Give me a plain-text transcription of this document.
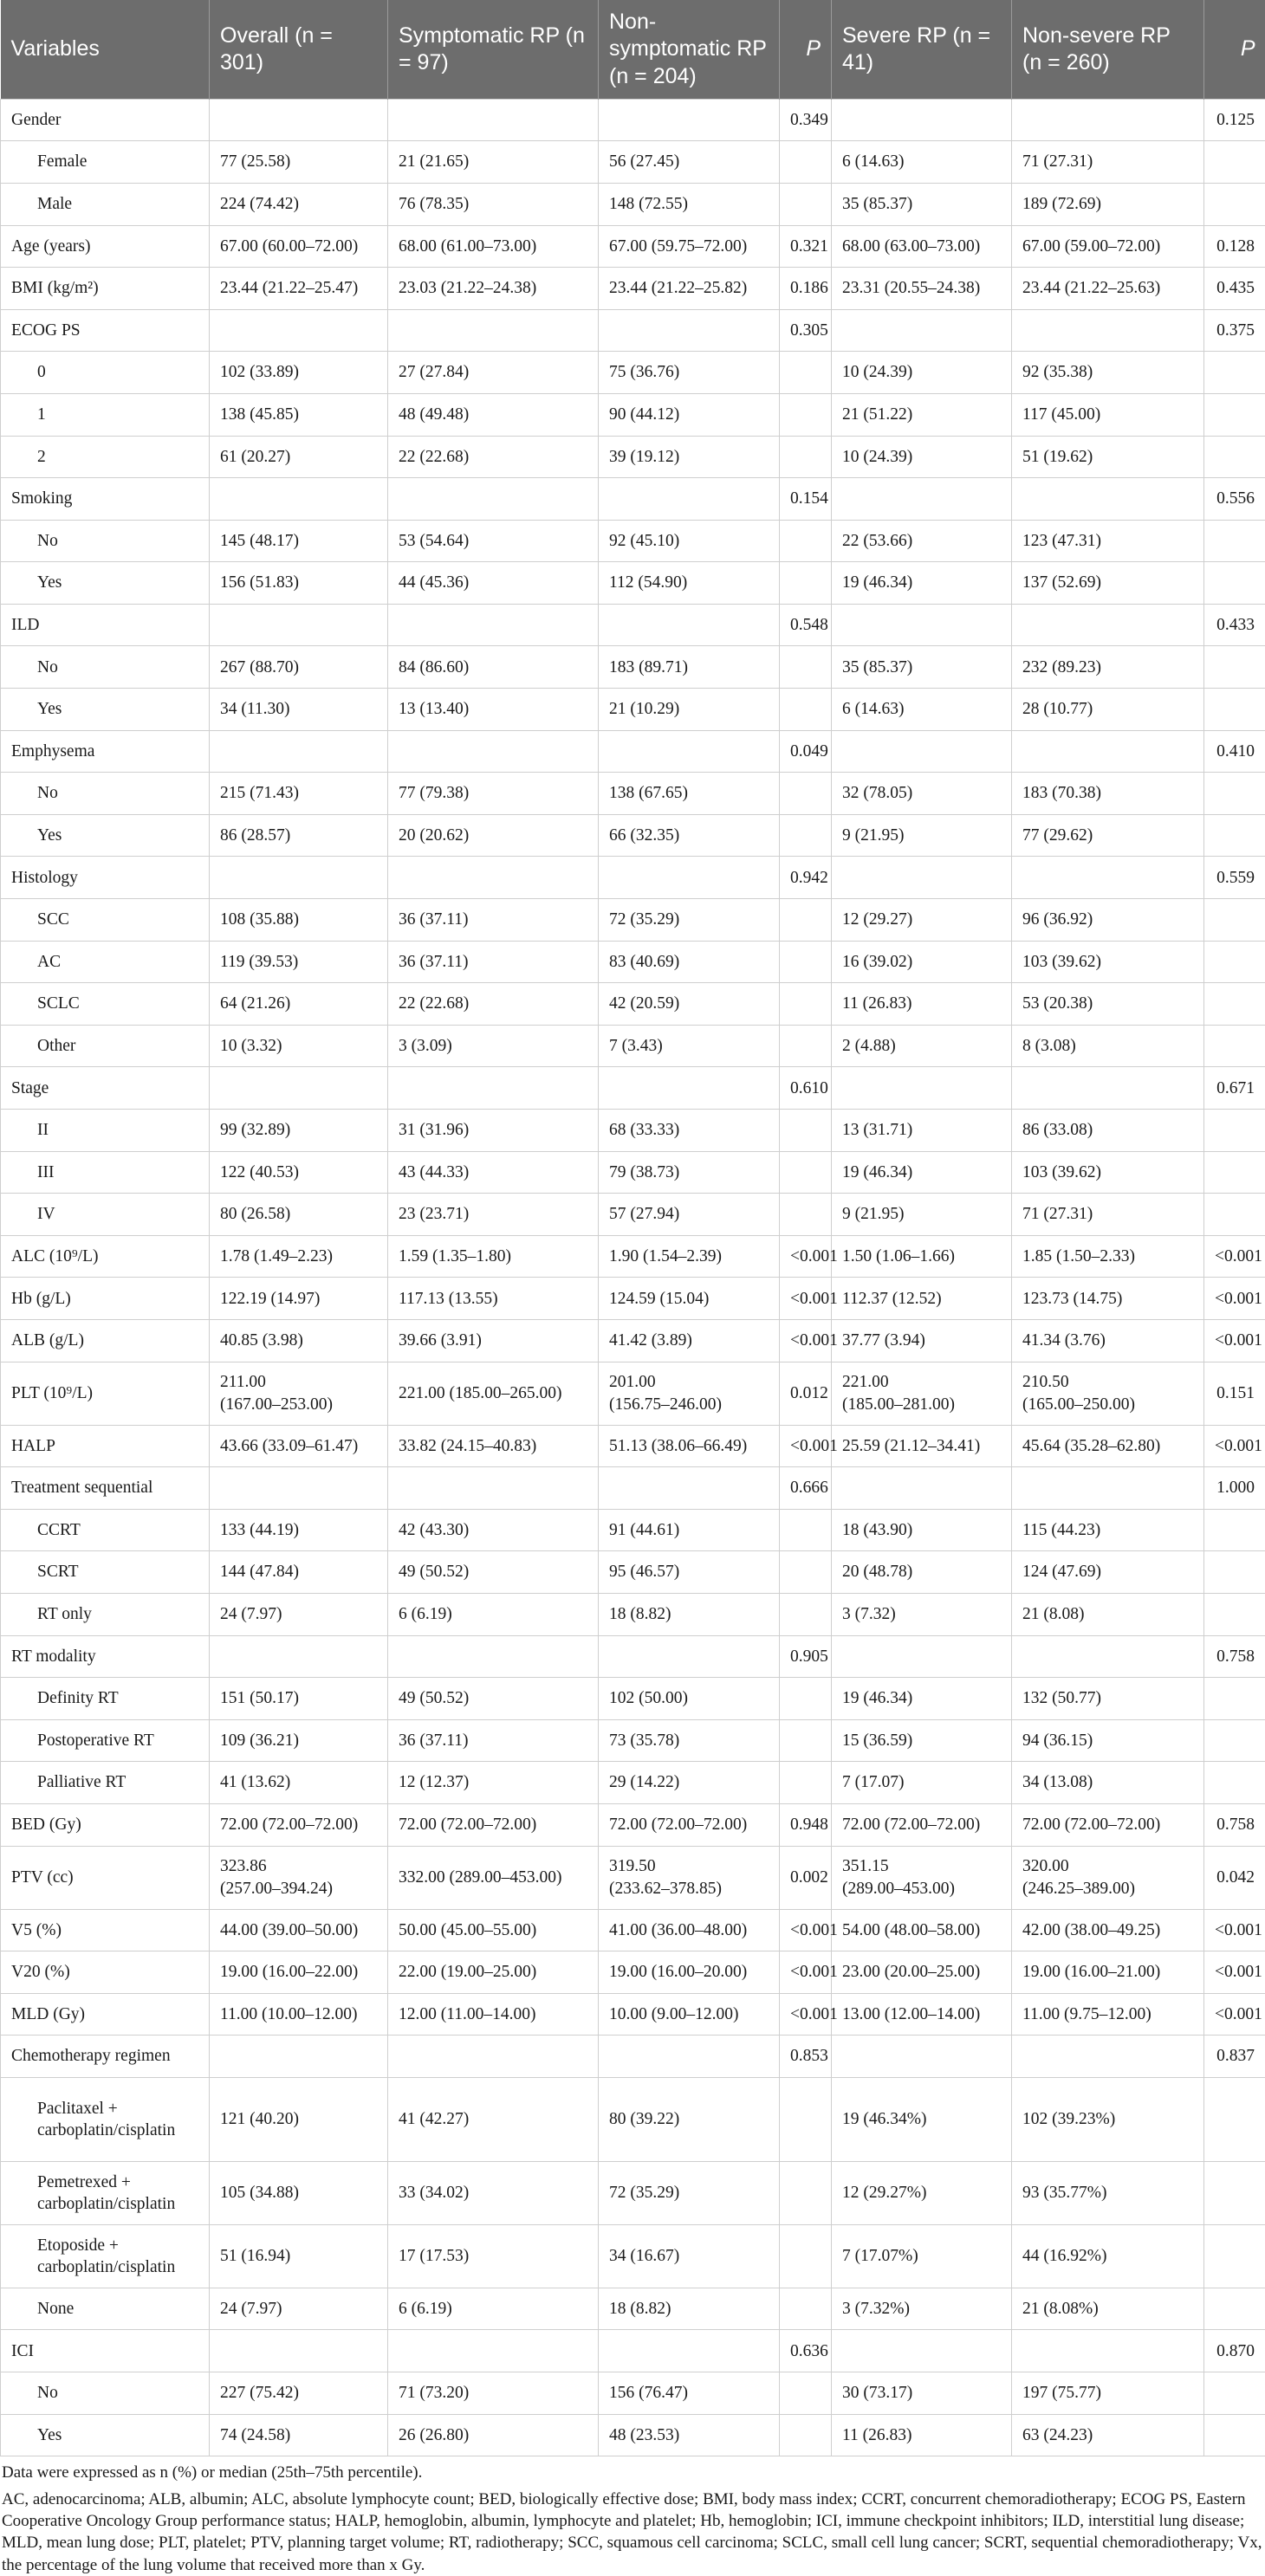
Variables	Overall (n = 301)	Symptomatic RP (n = 97)	Non-symptomatic RP (n = 204)	P	Severe RP (n = 41)	Non-severe RP (n = 260)	P
Gender				0.349			0.125
Female	77 (25.58)	21 (21.65)	56 (27.45)		6 (14.63)	71 (27.31)	
Male	224 (74.42)	76 (78.35)	148 (72.55)		35 (85.37)	189 (72.69)	
Age (years)	67.00 (60.00–72.00)	68.00 (61.00–73.00)	67.00 (59.75–72.00)	0.321	68.00 (63.00–73.00)	67.00 (59.00–72.00)	0.128
BMI (kg/m²)	23.44 (21.22–25.47)	23.03 (21.22–24.38)	23.44 (21.22–25.82)	0.186	23.31 (20.55–24.38)	23.44 (21.22–25.63)	0.435
ECOG PS				0.305			0.375
0	102 (33.89)	27 (27.84)	75 (36.76)		10 (24.39)	92 (35.38)	
1	138 (45.85)	48 (49.48)	90 (44.12)		21 (51.22)	117 (45.00)	
2	61 (20.27)	22 (22.68)	39 (19.12)		10 (24.39)	51 (19.62)	
Smoking				0.154			0.556
No	145 (48.17)	53 (54.64)	92 (45.10)		22 (53.66)	123 (47.31)	
Yes	156 (51.83)	44 (45.36)	112 (54.90)		19 (46.34)	137 (52.69)	
ILD				0.548			0.433
No	267 (88.70)	84 (86.60)	183 (89.71)		35 (85.37)	232 (89.23)	
Yes	34 (11.30)	13 (13.40)	21 (10.29)		6 (14.63)	28 (10.77)	
Emphysema				0.049			0.410
No	215 (71.43)	77 (79.38)	138 (67.65)		32 (78.05)	183 (70.38)	
Yes	86 (28.57)	20 (20.62)	66 (32.35)		9 (21.95)	77 (29.62)	
Histology				0.942			0.559
SCC	108 (35.88)	36 (37.11)	72 (35.29)		12 (29.27)	96 (36.92)	
AC	119 (39.53)	36 (37.11)	83 (40.69)		16 (39.02)	103 (39.62)	
SCLC	64 (21.26)	22 (22.68)	42 (20.59)		11 (26.83)	53 (20.38)	
Other	10 (3.32)	3 (3.09)	7 (3.43)		2 (4.88)	8 (3.08)	
Stage				0.610			0.671
II	99 (32.89)	31 (31.96)	68 (33.33)		13 (31.71)	86 (33.08)	
III	122 (40.53)	43 (44.33)	79 (38.73)		19 (46.34)	103 (39.62)	
IV	80 (26.58)	23 (23.71)	57 (27.94)		9 (21.95)	71 (27.31)	
ALC (10⁹/L)	1.78 (1.49–2.23)	1.59 (1.35–1.80)	1.90 (1.54–2.39)	<0.001	1.50 (1.06–1.66)	1.85 (1.50–2.33)	<0.001
Hb (g/L)	122.19 (14.97)	117.13 (13.55)	124.59 (15.04)	<0.001	112.37 (12.52)	123.73 (14.75)	<0.001
ALB (g/L)	40.85 (3.98)	39.66 (3.91)	41.42 (3.89)	<0.001	37.77 (3.94)	41.34 (3.76)	<0.001
PLT (10⁹/L)	211.00
(167.00–253.00)	221.00 (185.00–265.00)	201.00
(156.75–246.00)	0.012	221.00
(185.00–281.00)	210.50
(165.00–250.00)	0.151
HALP	43.66 (33.09–61.47)	33.82 (24.15–40.83)	51.13 (38.06–66.49)	<0.001	25.59 (21.12–34.41)	45.64 (35.28–62.80)	<0.001
Treatment sequential				0.666			1.000
CCRT	133 (44.19)	42 (43.30)	91 (44.61)		18 (43.90)	115 (44.23)	
SCRT	144 (47.84)	49 (50.52)	95 (46.57)		20 (48.78)	124 (47.69)	
RT only	24 (7.97)	6 (6.19)	18 (8.82)		3 (7.32)	21 (8.08)	
RT modality				0.905			0.758
Definity RT	151 (50.17)	49 (50.52)	102 (50.00)		19 (46.34)	132 (50.77)	
Postoperative RT	109 (36.21)	36 (37.11)	73 (35.78)		15 (36.59)	94 (36.15)	
Palliative RT	41 (13.62)	12 (12.37)	29 (14.22)		7 (17.07)	34 (13.08)	
BED (Gy)	72.00 (72.00–72.00)	72.00 (72.00–72.00)	72.00 (72.00–72.00)	0.948	72.00 (72.00–72.00)	72.00 (72.00–72.00)	0.758
PTV (cc)	323.86
(257.00–394.24)	332.00 (289.00–453.00)	319.50
(233.62–378.85)	0.002	351.15
(289.00–453.00)	320.00
(246.25–389.00)	0.042
V5 (%)	44.00 (39.00–50.00)	50.00 (45.00–55.00)	41.00 (36.00–48.00)	<0.001	54.00 (48.00–58.00)	42.00 (38.00–49.25)	<0.001
V20 (%)	19.00 (16.00–22.00)	22.00 (19.00–25.00)	19.00 (16.00–20.00)	<0.001	23.00 (20.00–25.00)	19.00 (16.00–21.00)	<0.001
MLD (Gy)	11.00 (10.00–12.00)	12.00 (11.00–14.00)	10.00 (9.00–12.00)	<0.001	13.00 (12.00–14.00)	11.00 (9.75–12.00)	<0.001
Chemotherapy regimen				0.853			0.837
Paclitaxel +
carboplatin/cisplatin	121 (40.20)	41 (42.27)	80 (39.22)		19 (46.34%)	102 (39.23%)	
Pemetrexed +
carboplatin/cisplatin	105 (34.88)	33 (34.02)	72 (35.29)		12 (29.27%)	93 (35.77%)	
Etoposide +
carboplatin/cisplatin	51 (16.94)	17 (17.53)	34 (16.67)		7 (17.07%)	44 (16.92%)	
None	24 (7.97)	6 (6.19)	18 (8.82)		3 (7.32%)	21 (8.08%)	
ICI				0.636			0.870
No	227 (75.42)	71 (73.20)	156 (76.47)		30 (73.17)	197 (75.77)	
Yes	74 (24.58)	26 (26.80)	48 (23.53)		11 (26.83)	63 (24.23)	

Data were expressed as n (%) or median (25th–75th percentile).

AC, adenocarcinoma; ALB, albumin; ALC, absolute lymphocyte count; BED, biologically effective dose; BMI, body mass index; CCRT, concurrent chemoradiotherapy; ECOG PS, Eastern Cooperative Oncology Group performance status; HALP, hemoglobin, albumin, lymphocyte and platelet; Hb, hemoglobin; ICI, immune checkpoint inhibitors; ILD, interstitial lung disease; MLD, mean lung dose; PLT, platelet; PTV, planning target volume; RT, radiotherapy; SCC, squamous cell carcinoma; SCLC, small cell lung cancer; SCRT, sequential chemoradiotherapy; Vx, the percentage of the lung volume that received more than x Gy.
